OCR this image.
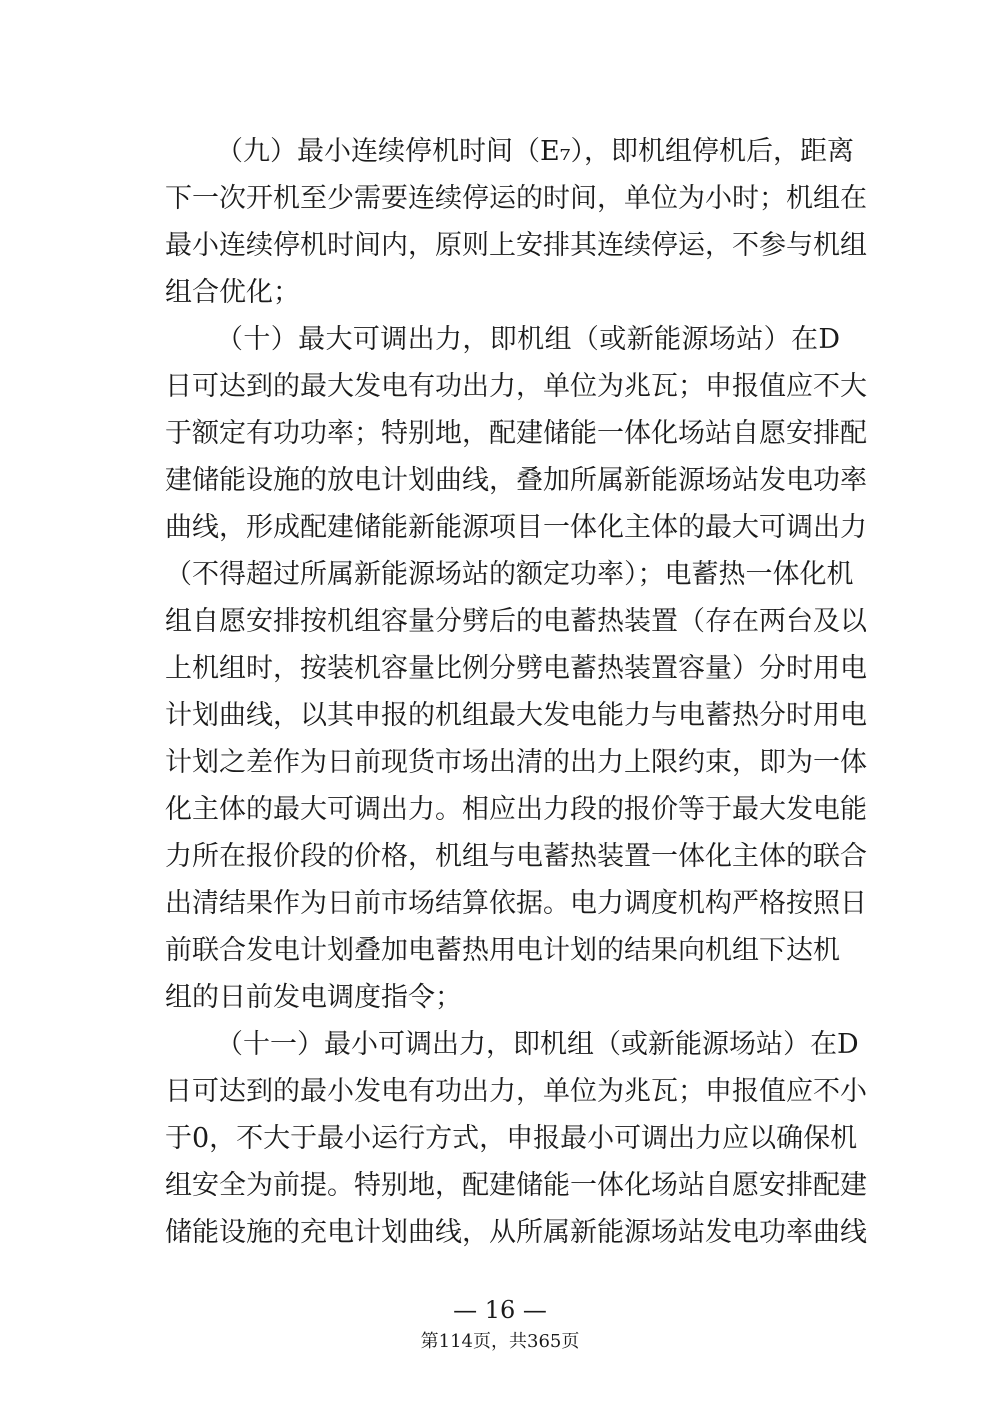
（九）最小连续停机时间（E₇），即机组停机后，距离
下一次开机至少需要连续停运的时间，单位为小时；机组在
最小连续停机时间内，原则上安排其连续停运，不参与机组
组合优化；
（十）最大可调出力，即机组（或新能源场站）在D
日可达到的最大发电有功出力，单位为兆瓦；申报值应不大
于额定有功功率；特别地，配建储能一体化场站自愿安排配
建储能设施的放电计划曲线，叠加所属新能源场站发电功率
曲线，形成配建储能新能源项目一体化主体的最大可调出力
（不得超过所属新能源场站的额定功率）；电蓄热一体化机
组自愿安排按机组容量分劈后的电蓄热装置（存在两台及以
上机组时，按装机容量比例分劈电蓄热装置容量）分时用电
计划曲线，以其申报的机组最大发电能力与电蓄热分时用电
计划之差作为日前现货市场出清的出力上限约束，即为一体
化主体的最大可调出力。相应出力段的报价等于最大发电能
力所在报价段的价格，机组与电蓄热装置一体化主体的联合
出清结果作为日前市场结算依据。电力调度机构严格按照日
前联合发电计划叠加电蓄热用电计划的结果向机组下达机
组的日前发电调度指令；
（十一）最小可调出力，即机组（或新能源场站）在D
日可达到的最小发电有功出力，单位为兆瓦；申报值应不小
于0，不大于最小运行方式，申报最小可调出力应以确保机
组安全为前提。特别地，配建储能一体化场站自愿安排配建
储能设施的充电计划曲线，从所属新能源场站发电功率曲线
— 16 —
第114页，共365页
